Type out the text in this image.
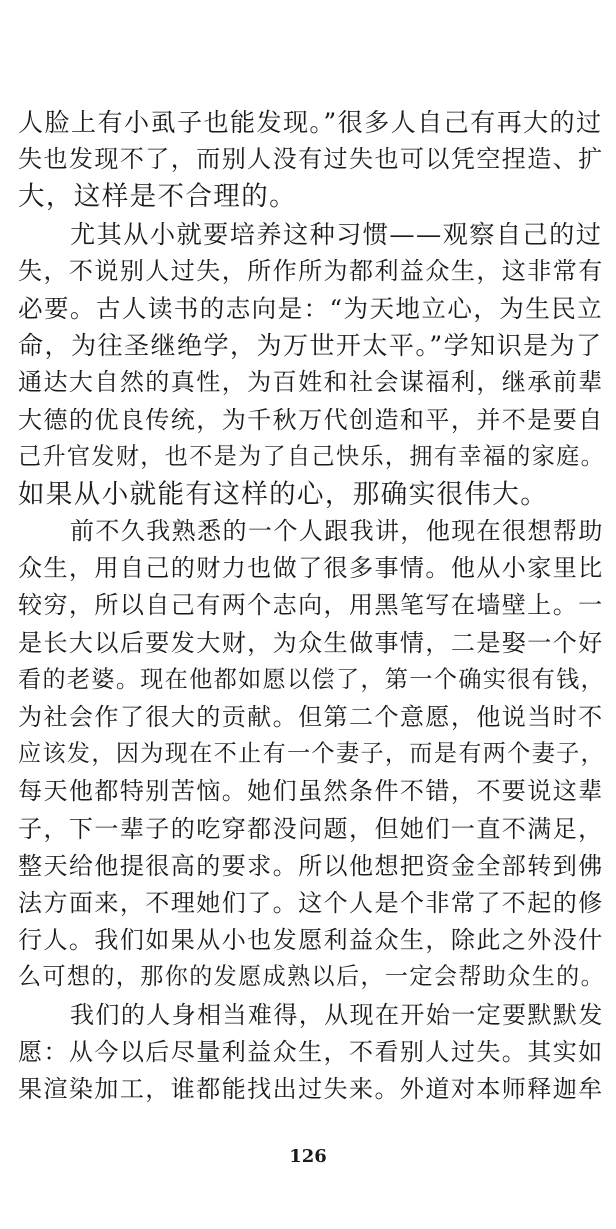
人脸上有小虱子也能发现。”很多人自己有再大的过
失也发现不了，而别人没有过失也可以凭空捏造、扩
大，这样是不合理的。
尤其从小就要培养这种习惯——观察自己的过
失，不说别人过失，所作所为都利益众生，这非常有
必要。古人读书的志向是：“为天地立心，为生民立
命，为往圣继绝学，为万世开太平。”学知识是为了
通达大自然的真性，为百姓和社会谋福利，继承前辈
大德的优良传统，为千秋万代创造和平，并不是要自
己升官发财，也不是为了自己快乐，拥有幸福的家庭。
如果从小就能有这样的心，那确实很伟大。
前不久我熟悉的一个人跟我讲，他现在很想帮助
众生，用自己的财力也做了很多事情。他从小家里比
较穷，所以自己有两个志向，用黑笔写在墙壁上。一
是长大以后要发大财，为众生做事情，二是娶一个好
看的老婆。现在他都如愿以偿了，第一个确实很有钱，
为社会作了很大的贡献。但第二个意愿，他说当时不
应该发，因为现在不止有一个妻子，而是有两个妻子，
每天他都特别苦恼。她们虽然条件不错，不要说这辈
子，下一辈子的吃穿都没问题，但她们一直不满足，
整天给他提很高的要求。所以他想把资金全部转到佛
法方面来，不理她们了。这个人是个非常了不起的修
行人。我们如果从小也发愿利益众生，除此之外没什
么可想的，那你的发愿成熟以后，一定会帮助众生的。
我们的人身相当难得，从现在开始一定要默默发
愿：从今以后尽量利益众生，不看别人过失。其实如
果渲染加工，谁都能找出过失来。外道对本师释迦牟
126
